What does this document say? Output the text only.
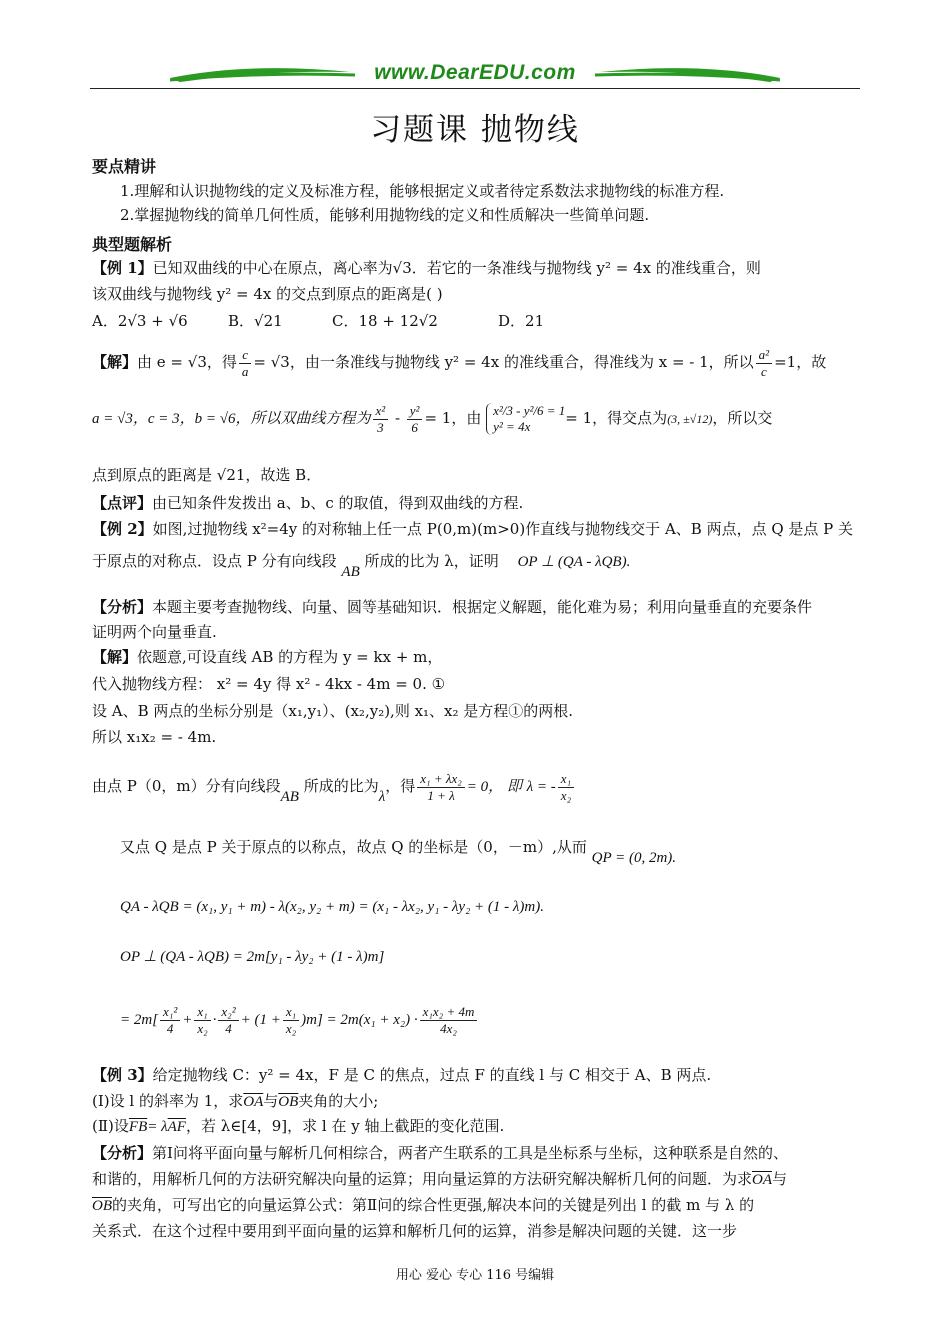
www.DearEDU.com
习题课 抛物线
要点精讲
1.理解和认识抛物线的定义及标准方程，能够根据定义或者待定系数法求抛物线的标准方程.
2.掌握抛物线的简单几何性质，能够利用抛物线的定义和性质解决一些简单问题.
典型题解析
【例 1】已知双曲线的中心在原点，离心率为√3．若它的一条准线与抛物线 y² = 4x 的准线重合，则
该双曲线与抛物线 y² = 4x 的交点到原点的距离是( )
A．2√3 + √6	B．√21	C．18 + 12√2	D．21
【解】由 e = √3，得 $\frac{c}{a} = √3$，由一条准线与抛物线 y² = 4x 的准线重合，得准线为 x = - 1，所以 $\frac{\text{a²}}{c} =1$，故
a = √3，c = 3，b = √6，所以双曲线方程为 $\frac{\text{x²}}{3} - \frac{\text{y²}}{6} = 1$，由 x²/3 - y²/6 = 1
y² = 4x	= 1，得交点为(3, ±√12)，所以交
点到原点的距离是 √21，故选 B．
【点评】由已知条件发拨出 a、b、c 的取值，得到双曲线的方程.
【例 2】如图,过抛物线 x²=4y 的对称轴上任一点 P(0,m)(m>0)作直线与抛物线交于 A、B 两点，点 Q 是点 P 关
于原点的对称点．设点 P 分有向线段 AB 所成的比为 λ，证明 OP ⊥ (QA - λQB).
【分析】本题主要考查抛物线、向量、圆等基础知识．根据定义解题，能化难为易；利用向量垂直的充要条件
证明两个向量垂直.
【解】依题意,可设直线 AB 的方程为 y = kx + m，
代入抛物线方程： x² = 4y 得 x² - 4kx - 4m = 0. ①
设 A、B 两点的坐标分别是（x₁,y₁）、(x₂,y₂),则 x₁、x₂ 是方程①的两根.
所以 x₁x₂ = - 4m.
由点 P（0，m）分有向线段AB 所成的比为λ，得 $\frac{\text{x₁ + λx₂}}{1 + \lambda} = 0$， 即 λ = - $\frac{\text{x₁}}{\text{x₂}}$
又点 Q 是点 P 关于原点的以称点，故点 Q 的坐标是（0，－m）,从而 QP = (0, 2m).
QA - λQB = (x₁, y₁ + m) - λ(x₂, y₂ + m) = (x₁ - λx₂, y₁ - λy₂ + (1 - λ)m).
OP ⊥ (QA - λQB) = 2m[y₁ - λy₂ + (1 - λ)m]
= $2m[ \frac{\text{x₁²}}{4} + \frac{\text{x₁}}{\text{x₂}} \cdot \frac{\text{x₂²}}{4} + (1 + \frac{\text{x₁}}{\text{x₂}} )m] = 2m(x_1 + x_2) \cdot \frac{\text{x₁x₂ + 4m}}{\text{4x₂}}$
【例 3】给定抛物线 C：y² = 4x，F 是 C 的焦点，过点 F 的直线 l 与 C 相交于 A、B 两点.
(Ⅰ)设 l 的斜率为 1，求$\overline{OA}$与$\overline{OB}$夹角的大小;
(Ⅱ)设$\overline{FB}= \lambda\overline{AF}$，若 λ∈[4，9]，求 l 在 y 轴上截距的变化范围.
【分析】第Ⅰ问将平面向量与解析几何相综合，两者产生联系的工具是坐标系与坐标，这种联系是自然的、
和谐的，用解析几何的方法研究解决向量的运算；用向量运算的方法研究解决解析几何的问题．为求$\overline{OA}$与
$\overline{OB}$的夹角，可写出它的向量运算公式：第Ⅱ问的综合性更强,解决本问的关键是列出 l 的截 m 与 λ 的
关系式．在这个过程中要用到平面向量的运算和解析几何的运算，消参是解决问题的关键．这一步
用心 爱心 专心 116 号编辑
